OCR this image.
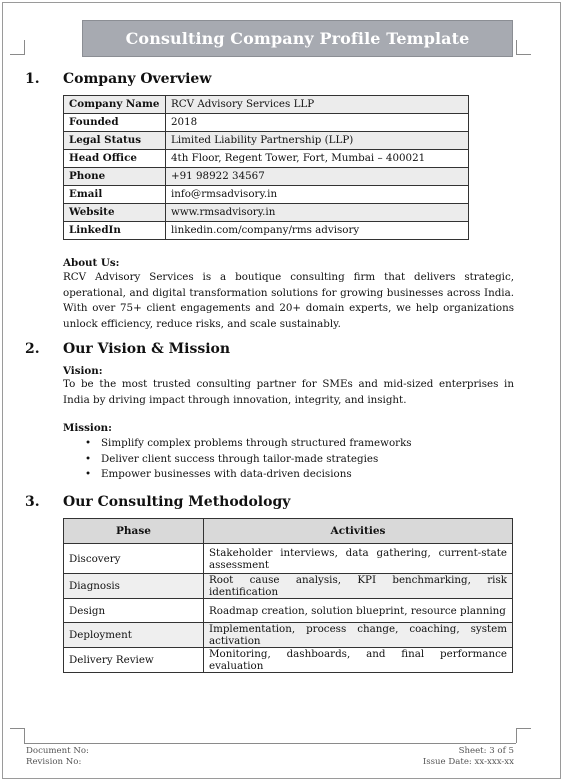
Consulting Company Profile Template
1. Company Overview
Company Name	RCV Advisory Services LLP
Founded	2018
Legal Status	Limited Liability Partnership (LLP)
Head Office	4th Floor, Regent Tower, Fort, Mumbai – 400021
Phone	+91 98922 34567
Email	info@rmsadvisory.in
Website	www.rmsadvisory.in
LinkedIn	linkedin.com/company/rms advisory
About Us:
RCV Advisory Services is a boutique consulting firm that delivers strategic, operational, and digital transformation solutions for growing businesses across India. With over 75+ client engagements and 20+ domain experts, we help organizations unlock efficiency, reduce risks, and scale sustainably.
2. Our Vision & Mission
Vision:
To be the most trusted consulting partner for SMEs and mid-sized enterprises in India by driving impact through innovation, integrity, and insight.
Mission:
• Simplify complex problems through structured frameworks
• Deliver client success through tailor-made strategies
• Empower businesses with data-driven decisions
3. Our Consulting Methodology
Phase	Activities
Discovery	Stakeholder interviews, data gathering, current-state assessment
Diagnosis	Root cause analysis, KPI benchmarking, risk identification
Design	Roadmap creation, solution blueprint, resource planning
Deployment	Implementation, process change, coaching, system activation
Delivery Review	Monitoring, dashboards, and final performance evaluation
Document No:
Revision No:
Sheet: 3 of 5
Issue Date: xx-xxx-xx
